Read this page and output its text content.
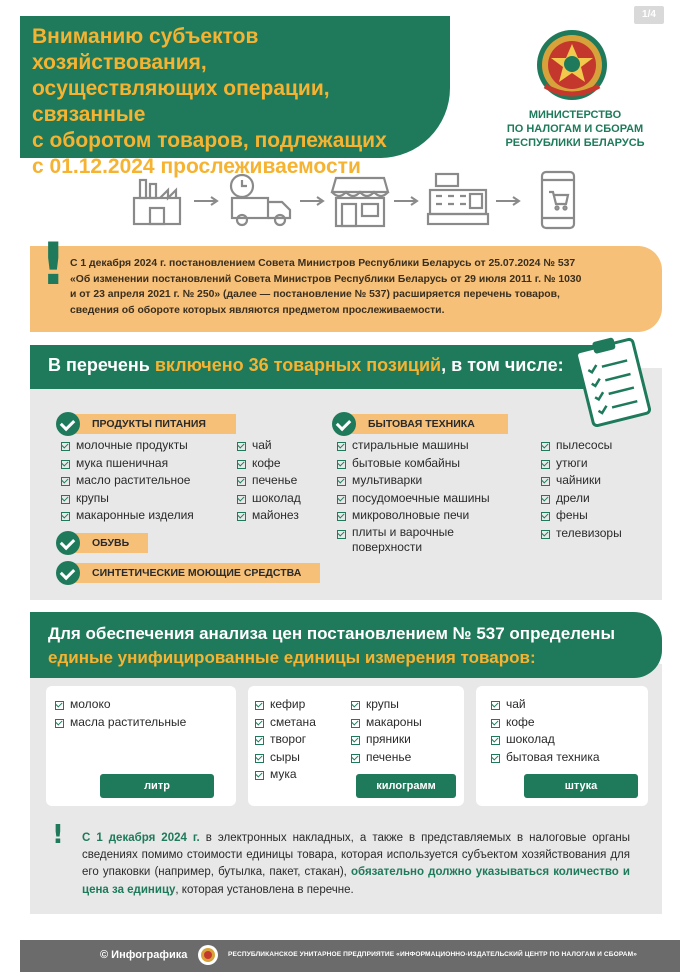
1/4
Вниманию субъектов хозяйствования,
осуществляющих операции, связанные
с оборотом товаров, подлежащих
с 01.12.2024 прослеживаемости
МИНИСТЕРСТВО
ПО НАЛОГАМ И СБОРАМ
РЕСПУБЛИКИ БЕЛАРУСЬ
! С 1 декабря 2024 г. постановлением Совета Министров Республики Беларусь от 25.07.2024 № 537
«Об изменении постановлений Совета Министров Республики Беларусь от 29 июля 2011 г. № 1030
и от 23 апреля 2021 г. № 250» (далее — постановление № 537) расширяется перечень товаров,
сведения об обороте которых являются предметом прослеживаемости.
В перечень включено 36 товарных позиций, в том числе:
ПРОДУКТЫ ПИТАНИЯ
молочные продукты
мука пшеничная
масло растительное
крупы
макаронные изделия
чай
кофе
печенье
шоколад
майонез
ОБУВЬ
СИНТЕТИЧЕСКИЕ МОЮЩИЕ СРЕДСТВА
БЫТОВАЯ ТЕХНИКА
стиральные машины
бытовые комбайны
мультиварки
посудомоечные машины
микроволновые печи
плиты и варочные поверхности
пылесосы
утюги
чайники
дрели
фены
телевизоры
Для обеспечения анализа цен постановлением № 537 определены
единые унифицированные единицы измерения товаров:
молоко
масла растительные
литр
кефир
сметана
творог
сыры
мука
крупы
макароны
пряники
печенье
килограмм
чай
кофе
шоколад
бытовая техника
штука
!	С 1 декабря 2024 г. в электронных накладных, а также в представляемых в налоговые органы сведениях помимо стоимости единицы товара, которая используется субъектом хозяйствования для его упаковки (например, бутылка, пакет, стакан), обязательно должно указываться количество и цена за единицу, которая установлена в перечне.
© Инфографика	РЕСПУБЛИКАНСКОЕ УНИТАРНОЕ ПРЕДПРИЯТИЕ «ИНФОРМАЦИОННО-ИЗДАТЕЛЬСКИЙ ЦЕНТР ПО НАЛОГАМ И СБОРАМ»
